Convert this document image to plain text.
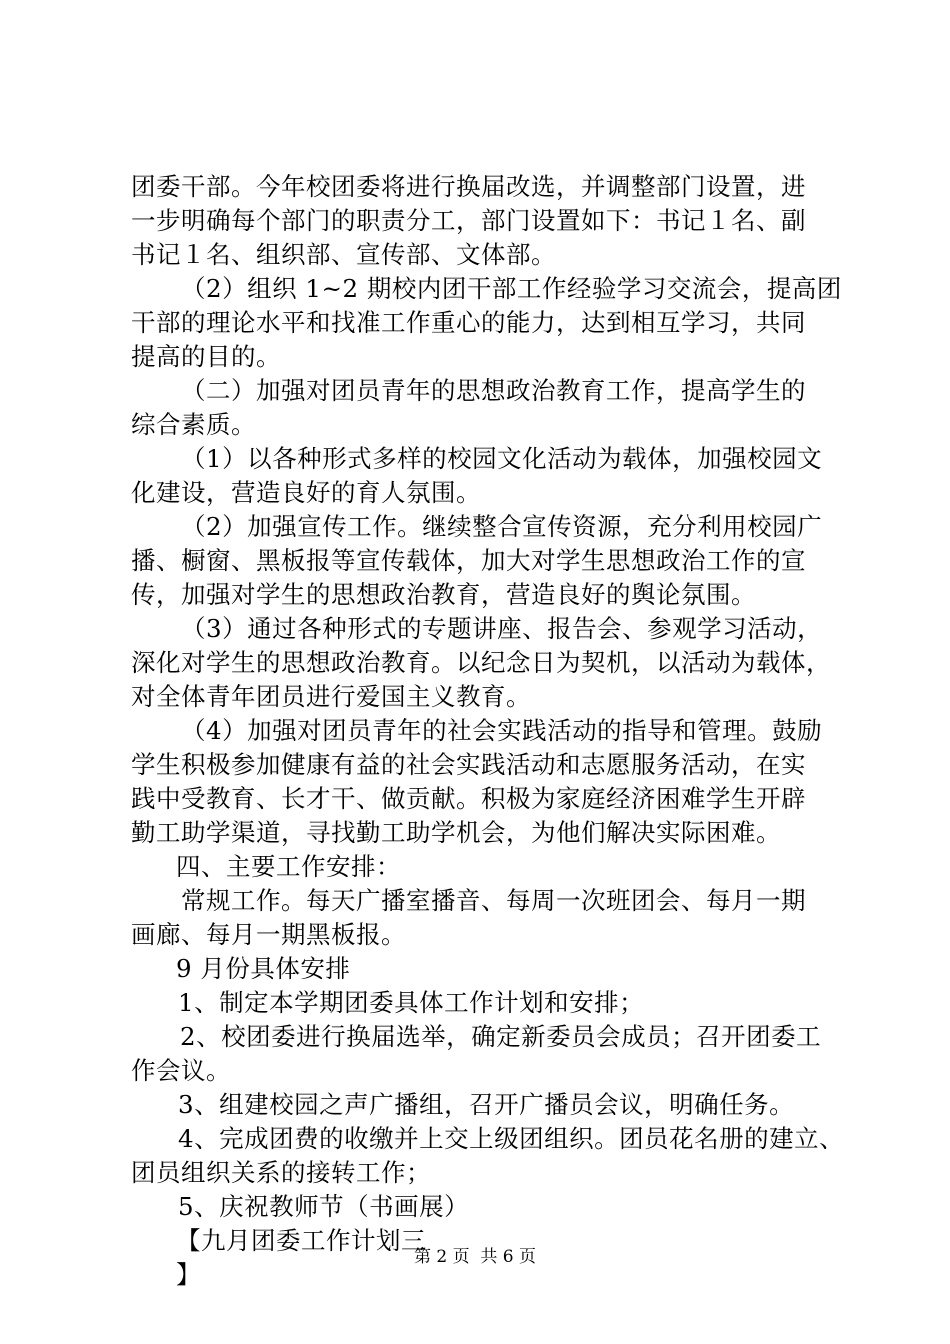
团委干部。今年校团委将进行换届改选，并调整部门设置，进
一步明确每个部门的职责分工，部门设置如下：书记１名、副
书记１名、组织部、宣传部、文体部。
（2）组织 1~2 期校内团干部工作经验学习交流会，提高团
干部的理论水平和找准工作重心的能力，达到相互学习，共同
提高的目的。
（二）加强对团员青年的思想政治教育工作，提高学生的
综合素质。
（1）以各种形式多样的校园文化活动为载体，加强校园文
化建设，营造良好的育人氛围。
（2）加强宣传工作。继续整合宣传资源，充分利用校园广
播、橱窗、黑板报等宣传载体，加大对学生思想政治工作的宣
传，加强对学生的思想政治教育，营造良好的舆论氛围。
（3）通过各种形式的专题讲座、报告会、参观学习活动，
深化对学生的思想政治教育。以纪念日为契机，以活动为载体，
对全体青年团员进行爱国主义教育。
（4）加强对团员青年的社会实践活动的指导和管理。鼓励
学生积极参加健康有益的社会实践活动和志愿服务活动，在实
践中受教育、长才干、做贡献。积极为家庭经济困难学生开辟
勤工助学渠道，寻找勤工助学机会，为他们解决实际困难。
四、主要工作安排：
常规工作。每天广播室播音、每周一次班团会、每月一期
画廊、每月一期黑板报。
9 月份具体安排
1、制定本学期团委具体工作计划和安排；
2、校团委进行换届选举，确定新委员会成员；召开团委工
作会议。
3、组建校园之声广播组，召开广播员会议，明确任务。
4、完成团费的收缴并上交上级团组织。团员花名册的建立、
团员组织关系的接转工作；
5、庆祝教师节（书画展）
【九月团委工作计划三
】
第 2 页  共 6 页
